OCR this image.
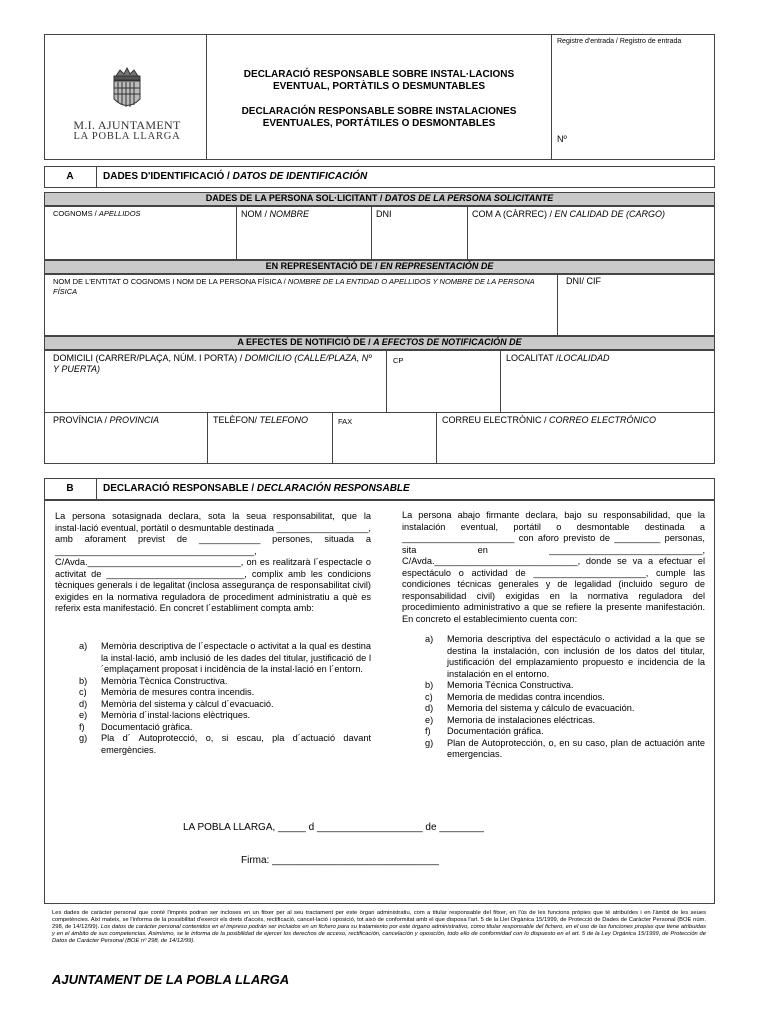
M.I. AJUNTAMENT
LA POBLA LLARGA
DECLARACIÓ RESPONSABLE SOBRE INSTAL·LACIONS
EVENTUAL, PORTÀTILS O DESMUNTABLES
DECLARACIÓN RESPONSABLE SOBRE INSTALACIONES
EVENTUALES, PORTÁTILES O DESMONTABLES
Registre d'entrada / Registro de entrada
Nº
A	DADES D'IDENTIFICACIÓ / DATOS DE IDENTIFICACIÓN
DADES DE LA PERSONA SOL·LICITANT / DATOS DE LA PERSONA SOLICITANTE
COGNOMS / APELLIDOS	NOM / NOMBRE	DNI	COM A (CÀRREC) / EN CALIDAD DE (CARGO)
EN REPRESENTACIÓ DE / EN REPRESENTACIÓN DE
NOM DE L'ENTITAT O COGNOMS I NOM DE LA PERSONA FÍSICA / NOMBRE DE LA ENTIDAD O APELLIDOS Y NOMBRE DE LA PERSONA FÍSICA
DNI/ CIF
A EFECTES DE NOTIFICIÓ DE / A EFECTOS DE NOTIFICACIÓN DE
DOMICILI (CARRER/PLAÇA, NÚM. I PORTA) / DOMICILIO (CALLE/PLAZA, Nº Y PUERTA)
CP	LOCALITAT /LOCALIDAD
PROVÍNCIA / PROVINCIA	TELÈFON/ TELEFONO	FAX	CORREU ELECTRÒNIC / CORREO ELECTRÓNICO
B	DECLARACIÓ RESPONSABLE / DECLARACIÓN RESPONSABLE
La persona sotasignada declara, sota la seua responsabilitat, que la instal·lació eventual, portàtil o desmuntable destinada __________________, amb aforament previst de ____________ persones, situada a _______________________________________, C/Avda.______________________________, on es realitzarà l´espectacle o activitat de ___________________________, complix amb les condicions tècniques generals i de legalitat (inclosa assegurança de responsabilitat civil) exigides en la normativa reguladora de procediment administratiu a què es referix esta manifestació. En concret l´establiment compta amb:
a)	Memòria descriptiva de l´espectacle o activitat a la qual es destina la instal·lació, amb inclusió de les dades del titular, justificació de l´emplaçament proposat i incidència de la instal·lació en l´entorn.
b)	Memòria Tècnica Constructiva.
c)	Memòria de mesures contra incendis.
d)	Memòria del sistema y càlcul d´evacuació.
e)	Memòria d´instal·lacions elèctriques.
f)	Documentació gràfica.
g)	Pla d´ Autoprotecció, o, si escau, pla d´actuació davant emergències.
La persona abajo firmante declara, bajo su responsabilidad, que la instalación eventual, portátil o desmontable destinada a ______________________ con aforo previsto de _________ personas, sita en ______________________________, C/Avda.____________________________, donde se va a efectuar el espectáculo o actividad de ______________________, cumple las condiciones técnicas generales y de legalidad (incluido seguro de responsabilidad civil) exigidas en la normativa reguladora del procedimiento administrativo a que se refiere la presente manifestación. En concreto el establecimiento cuenta con:
a)	Memoria descriptiva del espectáculo o actividad a la que se destina la instalación, con inclusión de los datos del titular, justificación del emplazamiento propuesto e incidencia de la instalación en el entorno.
b)	Memoria Técnica Constructiva.
c)	Memoria de medidas contra incendios.
d)	Memoria del sistema y cálculo de evacuación.
e)	Memoria de instalaciones eléctricas.
f)	Documentación gráfica.
g)	Plan de Autoprotección, o, en su caso, plan de actuación ante emergencias.
LA POBLA LLARGA, _____ d ___________________ de ________
Firma: ______________________________
Les dades de caràcter personal que conté l'imprés podran ser incloses en un fitxer per al seu tractament per este òrgan administratiu, com a titular responsable del fitxer, en l'ús de les funcions pròpies que té atribuïdes i en l'àmbit de les seues competències. Així mateix, se l'informa de la possibilitat d'exercir els drets d'accés, rectificació, cancel·lació i oposició, tot això de conformitat amb el que disposa l'art. 5 de la Llei Orgànica 15/1999, de Protecció de Dades de Caràcter Personal (BOE núm. 298, de 14/12/99). Los datos de carácter personal contenidos en el impreso podrán ser incluidos en un fichero para su tratamiento por este órgano administrativo, como titular responsable del fichero, en el uso de las funciones propias que tiene atribuidas y en el ámbito de sus competencias. Asimismo, se le informa de la posibilidad de ejercer los derechos de acceso, rectificación, cancelación y oposición, todo ello de conformidad con lo dispuesto en el art. 5 de la Ley Orgánica 15/1999, de Protección de Datos de Carácter Personal (BOE nº 298, de 14/12/99).
AJUNTAMENT DE LA POBLA LLARGA
